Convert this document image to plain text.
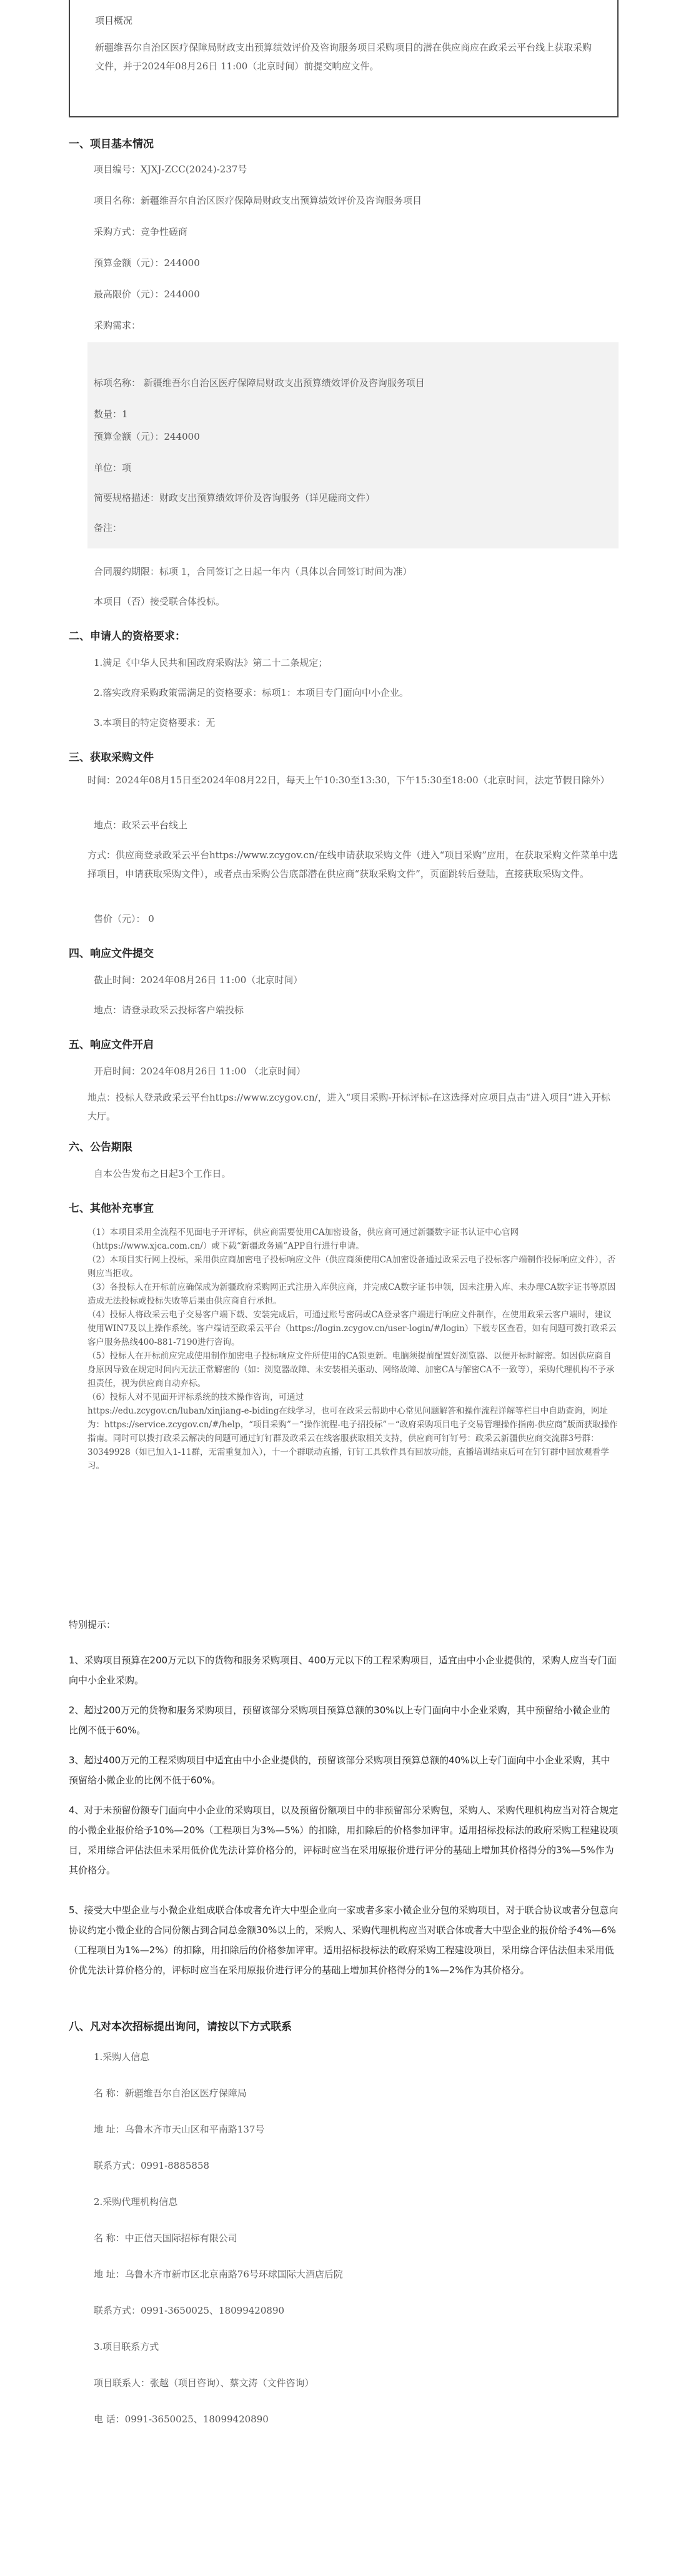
项目概况

新疆维吾尔自治区医疗保障局财政支出预算绩效评价及咨询服务项目采购项目的潜在供应商应在政采云平台线上获取采购文件，并于2024年08月26日 11:00（北京时间）前提交响应文件。

一、项目基本情况
项目编号：XJXJ-ZCC(2024)-237号
项目名称：新疆维吾尔自治区医疗保障局财政支出预算绩效评价及咨询服务项目
采购方式：竞争性磋商
预算金额（元）：244000
最高限价（元）：244000
采购需求：
标项名称： 新疆维吾尔自治区医疗保障局财政支出预算绩效评价及咨询服务项目
数量：1
预算金额（元）：244000
单位：项
简要规格描述：财政支出预算绩效评价及咨询服务（详见磋商文件）
备注：
合同履约期限：标项 1，合同签订之日起一年内（具体以合同签订时间为准）
本项目（否）接受联合体投标。
二、申请人的资格要求：
1.满足《中华人民共和国政府采购法》第二十二条规定；
2.落实政府采购政策需满足的资格要求：标项1：本项目专门面向中小企业。
3.本项目的特定资格要求：无
三、获取采购文件
时间：2024年08月15日至2024年08月22日，每天上午10:30至13:30，下午15:30至18:00（北京时间，法定节假日除外）
地点：政采云平台线上
方式：供应商登录政采云平台https://www.zcygov.cn/在线申请获取采购文件（进入“项目采购”应用，在获取采购文件菜单中选择项目，申请获取采购文件），或者点击采购公告底部潜在供应商“获取采购文件”，页面跳转后登陆，直接获取采购文件。
售价（元）： 0
四、响应文件提交
截止时间：2024年08月26日 11:00（北京时间）
地点：请登录政采云投标客户端投标
五、响应文件开启
开启时间：2024年08月26日 11:00 （北京时间）
地点：投标人登录政采云平台https://www.zcygov.cn/，进入“项目采购-开标评标-在这选择对应项目点击“进入项目”进入开标大厅。
六、公告期限
自本公告发布之日起3个工作日。
七、其他补充事宜

（1）本项目采用全流程不见面电子开评标，供应商需要使用CA加密设备，供应商可通过新疆数字证书认证中心官网（https://www.xjca.com.cn/）或下载“新疆政务通”APP自行进行申请。

（2）本项目实行网上投标，采用供应商加密电子投标响应文件（供应商须使用CA加密设备通过政采云电子投标客户端制作投标响应文件），否则应当拒收。

（3）各投标人在开标前应确保成为新疆政府采购网正式注册入库供应商，并完成CA数字证书申领，因未注册入库、未办理CA数字证书等原因造成无法投标或投标失败等后果由供应商自行承担。

（4）投标人将政采云电子交易客户端下载、安装完成后，可通过账号密码或CA登录客户端进行响应文件制作，在使用政采云客户端时，建议使用WIN7及以上操作系统。客户端请至政采云平台（https://login.zcygov.cn/user-login/#/login）下载专区查看，如有问题可拨打政采云客户服务热线400-881-7190进行咨询。

（5）投标人在开标前应完成使用制作加密电子投标响应文件所使用的CA锁更新。电脑须提前配置好浏览器、以便开标时解密。如因供应商自身原因导致在规定时间内无法正常解密的（如：浏览器故障、未安装相关驱动、网络故障、加密CA与解密CA不一致等），采购代理机构不予承担责任，视为供应商自动弃标。

（6）投标人对不见面开评标系统的技术操作咨询，可通过

https://edu.zcygov.cn/luban/xinjiang-e-biding在线学习，也可在政采云帮助中心常见问题解答和操作流程详解等栏目中自助查询，网址为：https://service.zcygov.cn/#/help，“项目采购”－“操作流程-电子招投标”－“政府采购项目电子交易管理操作指南-供应商”版面获取操作指南。同时可以拨打政采云解决的问题可通过钉钉群及政采云在线客服获取相关支持，供应商可钉钉号：政采云新疆供应商交流群3号群：30349928（如已加入1-11群，无需重复加入），十一个群联动直播，钉钉工具软件具有回放功能，直播培训结束后可在钉钉群中回放观看学习。

特别提示：
1、采购项目预算在200万元以下的货物和服务采购项目、400万元以下的工程采购项目，适宜由中小企业提供的，采购人应当专门面向中小企业采购。
2、超过200万元的货物和服务采购项目，预留该部分采购项目预算总额的30%以上专门面向中小企业采购，其中预留给小微企业的比例不低于60%。
3、超过400万元的工程采购项目中适宜由中小企业提供的，预留该部分采购项目预算总额的40%以上专门面向中小企业采购，其中预留给小微企业的比例不低于60%。
4、对于未预留份额专门面向中小企业的采购项目，以及预留份额项目中的非预留部分采购包，采购人、采购代理机构应当对符合规定的小微企业报价给予10%—20%（工程项目为3%—5%）的扣除，用扣除后的价格参加评审。适用招标投标法的政府采购工程建设项目，采用综合评估法但未采用低价优先法计算价格分的，评标时应当在采用原报价进行评分的基础上增加其价格得分的3%—5%作为其价格分。
5、接受大中型企业与小微企业组成联合体或者允许大中型企业向一家或者多家小微企业分包的采购项目，对于联合协议或者分包意向协议约定小微企业的合同份额占到合同总金额30%以上的，采购人、采购代理机构应当对联合体或者大中型企业的报价给予4%—6%（工程项目为1%—2%）的扣除，用扣除后的价格参加评审。适用招标投标法的政府采购工程建设项目，采用综合评估法但未采用低价优先法计算价格分的，评标时应当在采用原报价进行评分的基础上增加其价格得分的1%—2%作为其价格分。
八、凡对本次招标提出询问，请按以下方式联系
1.采购人信息
名 称：新疆维吾尔自治区医疗保障局
地 址：乌鲁木齐市天山区和平南路137号
联系方式：0991-8885858
2.采购代理机构信息
名 称：中正信天国际招标有限公司
地 址：乌鲁木齐市新市区北京南路76号环球国际大酒店后院
联系方式：0991-3650025、18099420890
3.项目联系方式
项目联系人：张越（项目咨询）、蔡文涛（文件咨询）
电 话：0991-3650025、18099420890
